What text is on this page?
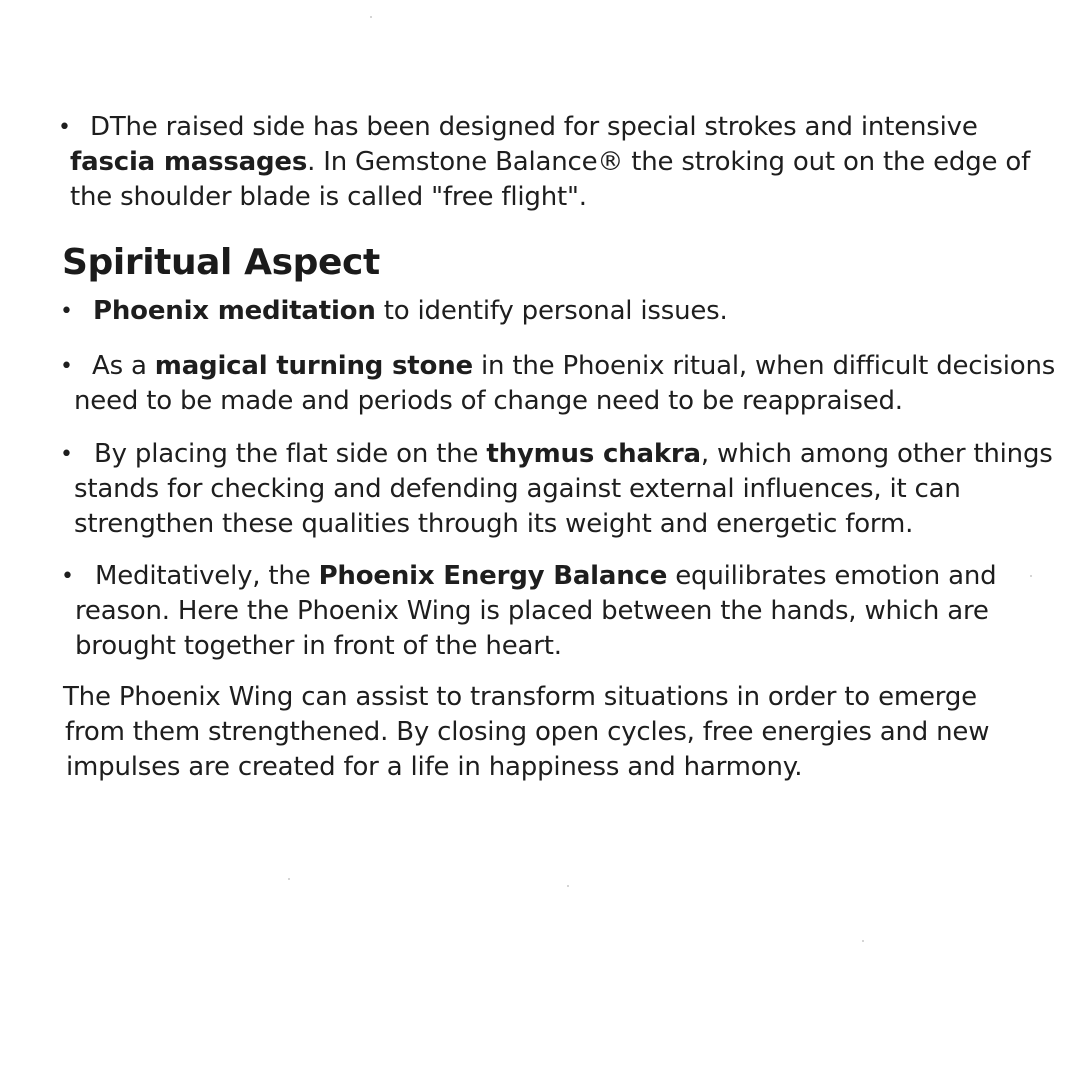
• DThe raised side has been designed for special strokes and intensive

fascia massages. In Gemstone Balance® the stroking out on the edge of

the shoulder blade is called "free flight".

Spiritual Aspect
• Phoenix meditation to identify personal issues.

• As a magical turning stone in the Phoenix ritual, when difficult decisions

need to be made and periods of change need to be reappraised.

• By placing the flat side on the thymus chakra, which among other things

stands for checking and defending against external influences, it can

strengthen these qualities through its weight and energetic form.

• Meditatively, the Phoenix Energy Balance equilibrates emotion and

reason. Here the Phoenix Wing is placed between the hands, which are

brought together in front of the heart.

The Phoenix Wing can assist to transform situations in order to emerge

from them strengthened. By closing open cycles, free energies and new

impulses are created for a life in happiness and harmony.
